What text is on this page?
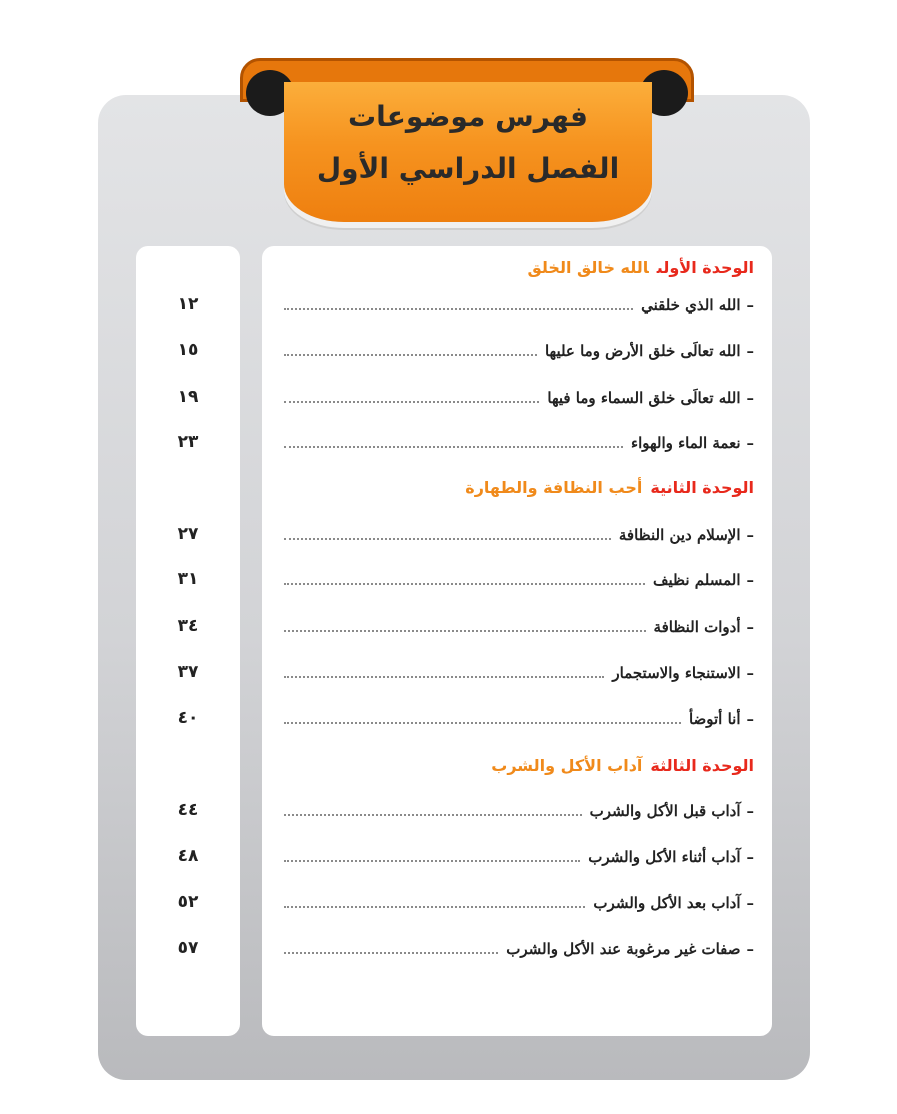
فهرس موضوعات
الفصل الدراسي الأول
١٢
١٥
١٩
٢٣
٢٧
٣١
٣٤
٣٧
٤٠
٤٤
٤٨
٥٢
٥٧
الوحدة الأولىالله خالق الخلق
–
الله الذي خلقني
–
الله تعالَى خلق الأرض وما عليها
–
الله تعالَى خلق السماء وما فيها
–
نعمة الماء والهواء
الوحدة الثانيةأحب النظافة والطهارة
–
الإسلام دين النظافة
–
المسلم نظيف
–
أدوات النظافة
–
الاستنجاء والاستجمار
–
أنا أتوضأ
الوحدة الثالثةآداب الأكل والشرب
–
آداب قبل الأكل والشرب
–
آداب أثناء الأكل والشرب
–
آداب بعد الأكل والشرب
–
صفات غير مرغوبة عند الأكل والشرب
